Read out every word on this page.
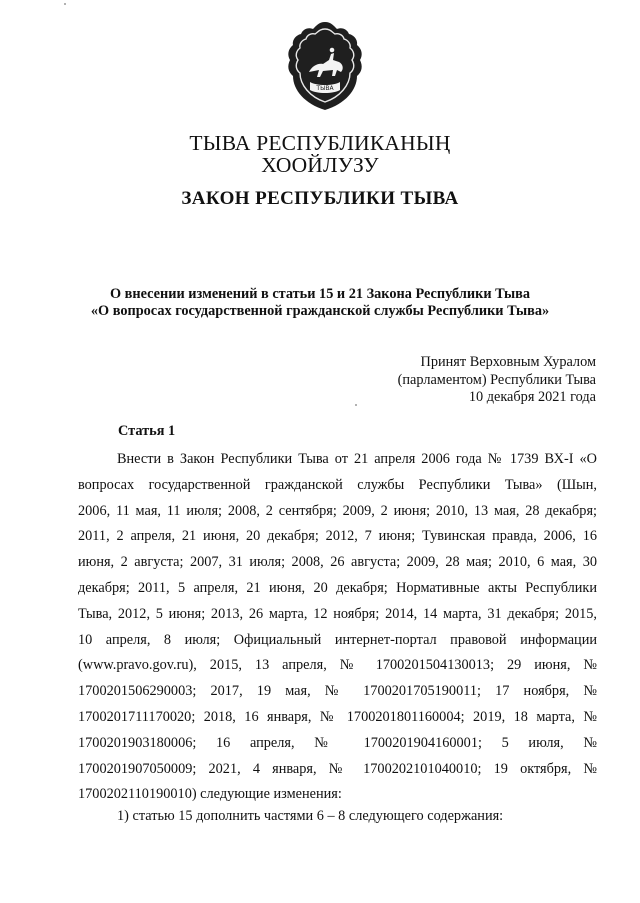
ТЫВА
ТЫВА РЕСПУБЛИКАНЫҢ
ХООЙЛУЗУ
ЗАКОН РЕСПУБЛИКИ ТЫВА
О внесении изменений в статьи 15 и 21 Закона Республики Тыва
«О вопросах государственной гражданской службы Республики Тыва»
Принят Верховным Хуралом
(парламентом) Республики Тыва
10 декабря 2021 года
Статья 1
Внести в Закон Республики Тыва от 21 апреля 2006 года № 1739 ВХ-I «О
вопросах государственной гражданской службы Республики Тыва» (Шын,
2006, 11 мая, 11 июля; 2008, 2 сентября; 2009, 2 июня; 2010, 13 мая, 28 декабря;
2011, 2 апреля, 21 июня, 20 декабря; 2012, 7 июня; Тувинская правда, 2006, 16
июня, 2 августа; 2007, 31 июля; 2008, 26 августа; 2009, 28 мая; 2010, 6 мая, 30
декабря; 2011, 5 апреля, 21 июня, 20 декабря; Нормативные акты Республики
Тыва, 2012, 5 июня; 2013, 26 марта, 12 ноября; 2014, 14 марта, 31 декабря; 2015,
10 апреля, 8 июля; Официальный интернет-портал правовой информации
(www.pravo.gov.ru), 2015, 13 апреля, № 1700201504130013; 29 июня, №
1700201506290003; 2017, 19 мая, № 1700201705190011; 17 ноября, №
1700201711170020; 2018, 16 января, № 1700201801160004; 2019, 18 марта, №
1700201903180006; 16 апреля, № 1700201904160001; 5 июля, №
1700201907050009; 2021, 4 января, № 1700202101040010; 19 октября, №
1700202110190010) следующие изменения:
1) статью 15 дополнить частями 6 – 8 следующего содержания:
